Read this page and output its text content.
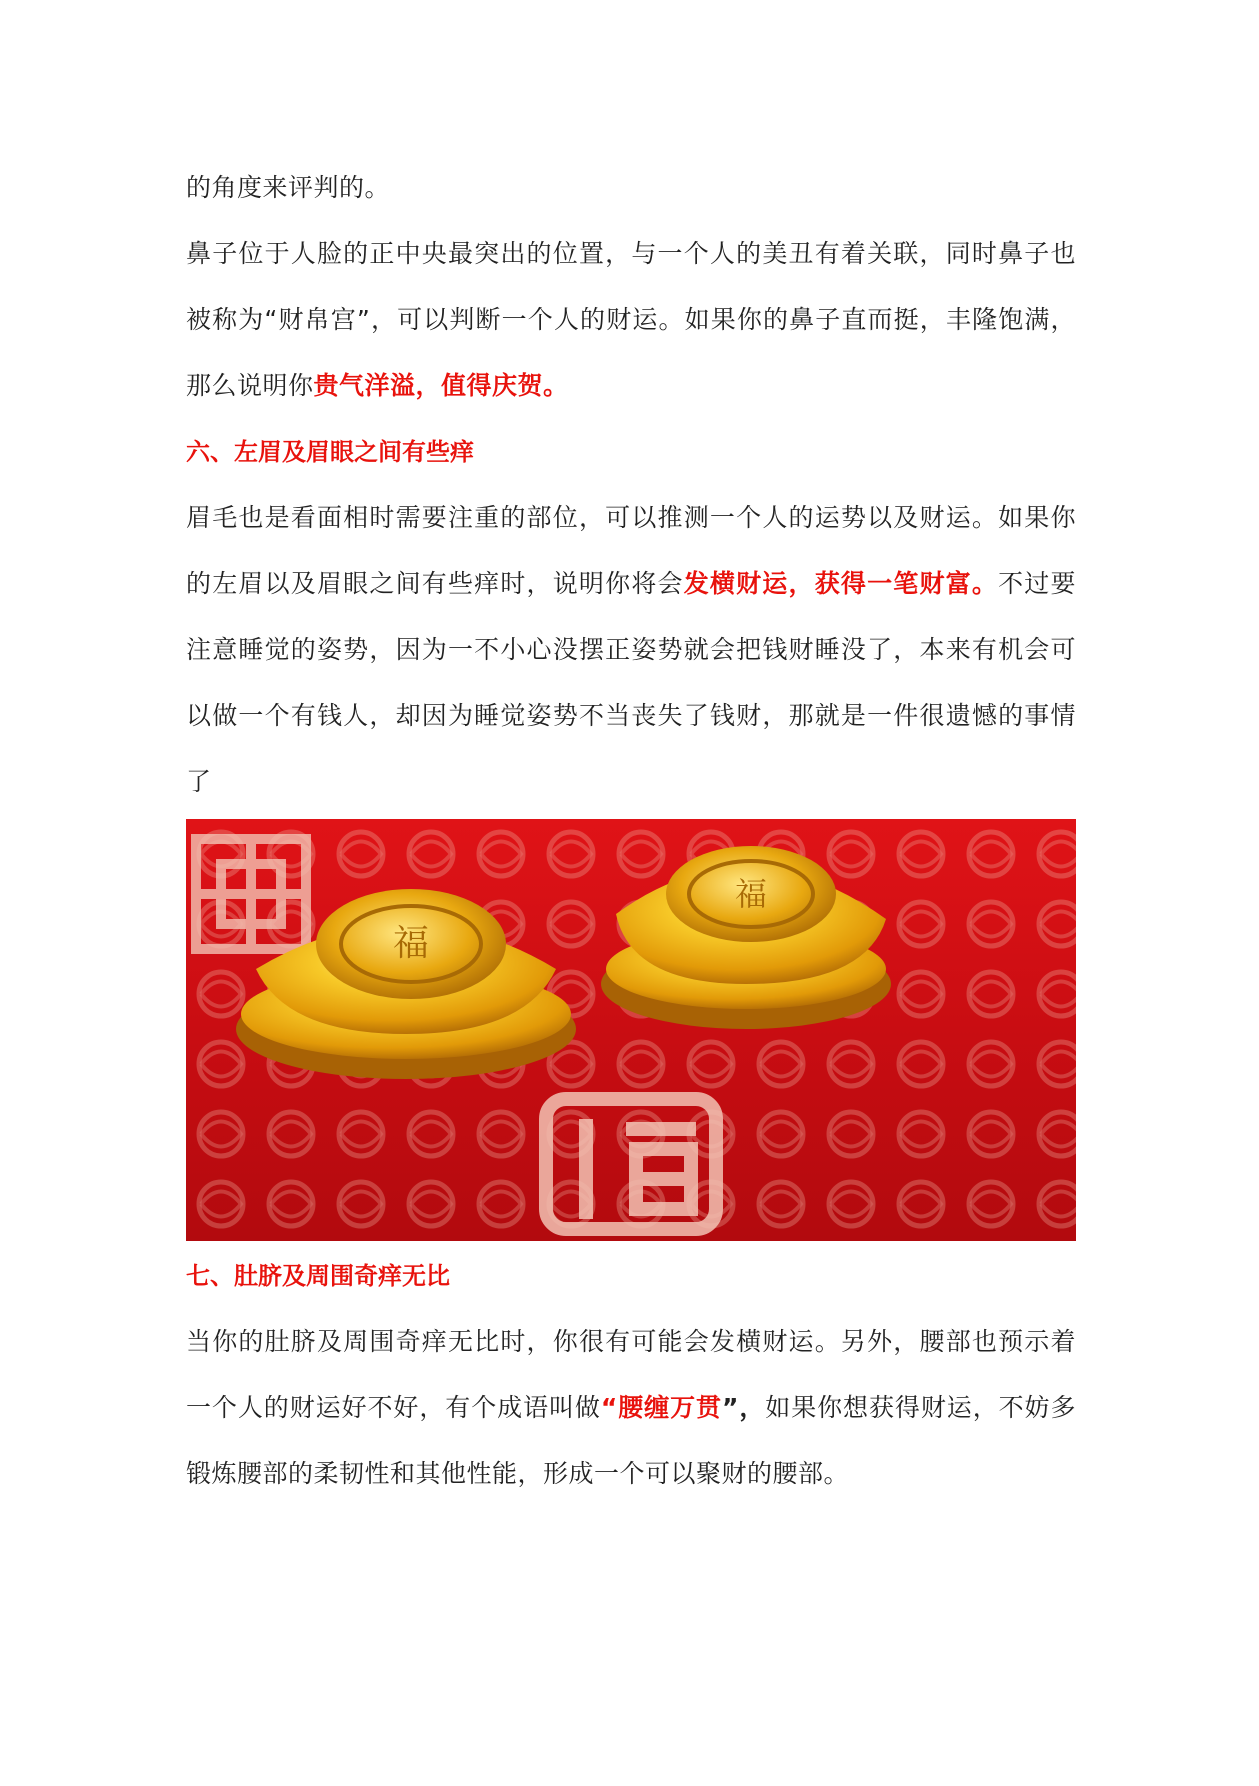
的角度来评判的。

鼻子位于人脸的正中央最突出的位置，与一个人的美丑有着关联，同时鼻子也被称为“财帛宫”，可以判断一个人的财运。如果你的鼻子直而挺，丰隆饱满，那么说明你贵气洋溢，值得庆贺。

六、左眉及眉眼之间有些痒

眉毛也是看面相时需要注重的部位，可以推测一个人的运势以及财运。如果你的左眉以及眉眼之间有些痒时，说明你将会发横财运，获得一笔财富。不过要注意睡觉的姿势，因为一不小心没摆正姿势就会把钱财睡没了，本来有机会可以做一个有钱人，却因为睡觉姿势不当丧失了钱财，那就是一件很遗憾的事情了

福
福
七、肚脐及周围奇痒无比

当你的肚脐及周围奇痒无比时，你很有可能会发横财运。另外，腰部也预示着一个人的财运好不好，有个成语叫做“腰缠万贯”，如果你想获得财运，不妨多锻炼腰部的柔韧性和其他性能，形成一个可以聚财的腰部。
